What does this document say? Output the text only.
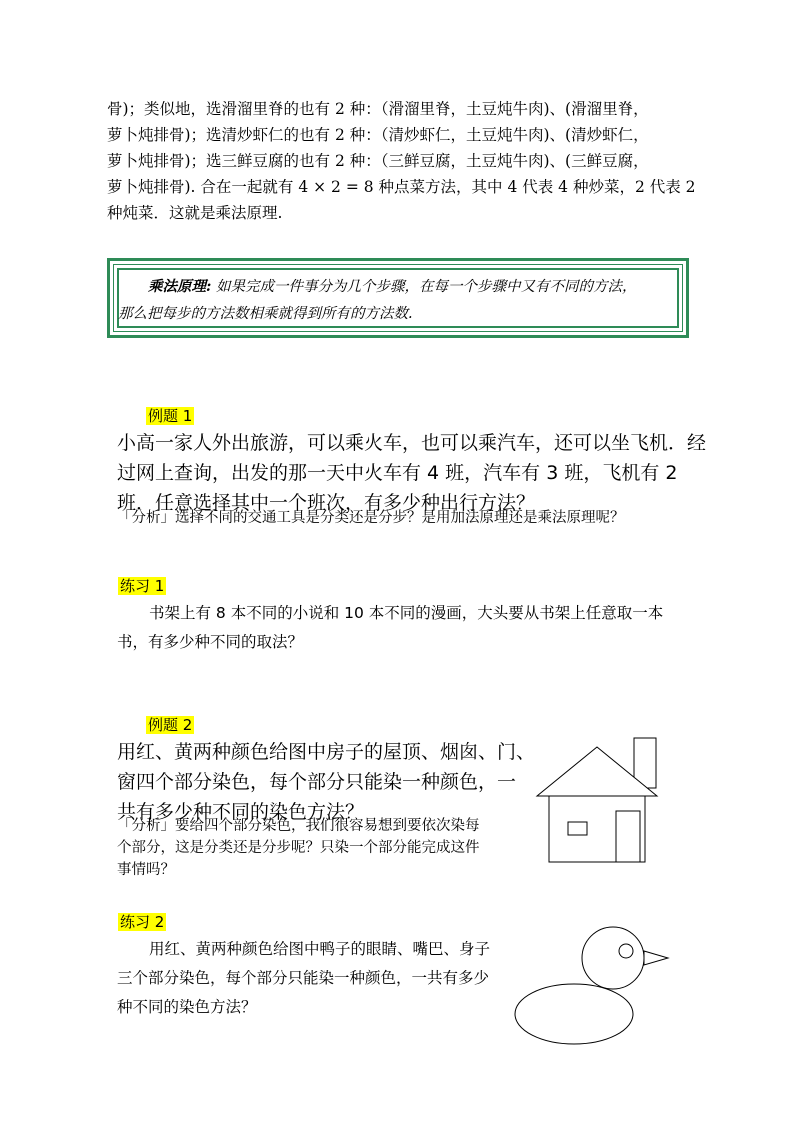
骨)；类似地，选滑溜里脊的也有 2 种：（滑溜里脊，土豆炖牛肉)、(滑溜里脊，
萝卜炖排骨)；选清炒虾仁的也有 2 种：（清炒虾仁，土豆炖牛肉)、(清炒虾仁，
萝卜炖排骨)；选三鲜豆腐的也有 2 种：（三鲜豆腐，土豆炖牛肉)、(三鲜豆腐，
萝卜炖排骨). 合在一起就有 4 × 2 = 8 种点菜方法，其中 4 代表 4 种炒菜，2 代表 2
种炖菜．这就是乘法原理.
乘法原理: 如果完成一件事分为几个步骤，在每一个步骤中又有不同的方法，
那么把每步的方法数相乘就得到所有的方法数.
例题 1
小高一家人外出旅游，可以乘火车，也可以乘汽车，还可以坐飞机．经
过网上查询，出发的那一天中火车有 4 班，汽车有 3 班，飞机有 2
班．任意选择其中一个班次，有多少种出行方法？
「分析」选择不同的交通工具是分类还是分步？是用加法原理还是乘法原理呢？
练习 1
书架上有 8 本不同的小说和 10 本不同的漫画，大头要从书架上任意取一本
书，有多少种不同的取法？
例题 2
用红、黄两种颜色给图中房子的屋顶、烟囱、门、
窗四个部分染色，每个部分只能染一种颜色，一
共有多少种不同的染色方法？
「分析」要给四个部分染色，我们很容易想到要依次染每
个部分，这是分类还是分步呢？只染一个部分能完成这件
事情吗？
练习 2
用红、黄两种颜色给图中鸭子的眼睛、嘴巴、身子
三个部分染色，每个部分只能染一种颜色，一共有多少
种不同的染色方法？
